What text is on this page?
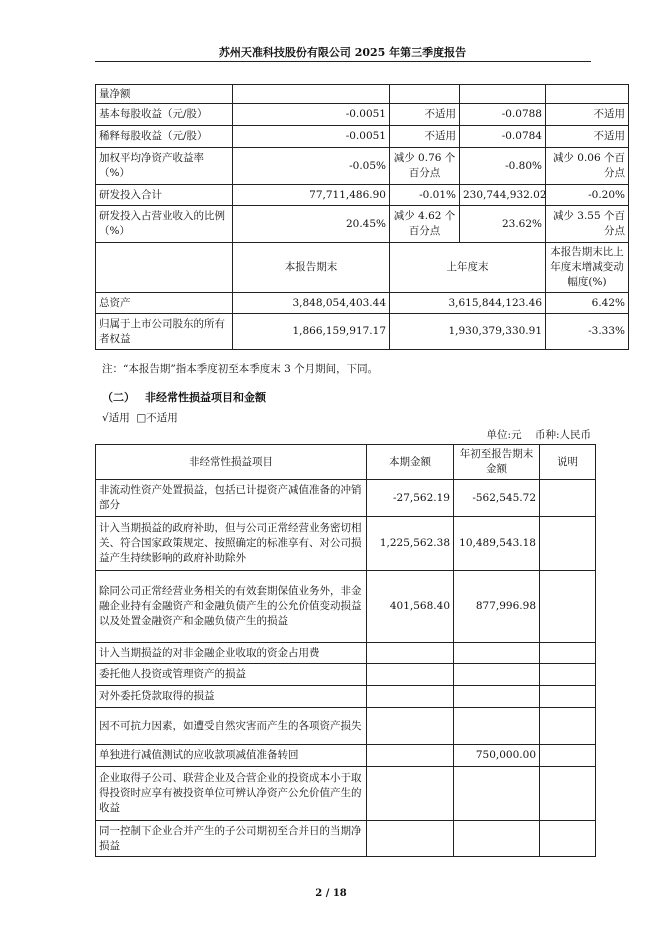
苏州天准科技股份有限公司 2025 年第三季度报告
量净额				
基本每股收益（元/股）	-0.0051	不适用	-0.0788	不适用
稀释每股收益（元/股）	-0.0051	不适用	-0.0784	不适用
加权平均净资产收益率（%）	-0.05%	减少 0.76 个百分点	-0.80%	减少 0.06 个百分点
研发投入合计	77,711,486.90	-0.01%	230,744,932.02	-0.20%
研发投入占营业收入的比例（%）	20.45%	减少 4.62 个百分点	23.62%	减少 3.55 个百分点
	本报告期末	上年度末		本报告期末比上年度末增减变动幅度(%)
总资产	3,848,054,403.44	3,615,844,123.46		6.42%
归属于上市公司股东的所有者权益	1,866,159,917.17	1,930,379,330.91		-3.33%
注：“本报告期”指本季度初至本季度末 3 个月期间，下同。
（二） 非经常性损益项目和金额
√适用 □不适用
单位:元 币种:人民币
非经常性损益项目	本期金额	年初至报告期末金额	说明
非流动性资产处置损益，包括已计提资产减值准备的冲销部分	-27,562.19	-562,545.72	
计入当期损益的政府补助，但与公司正常经营业务密切相关、符合国家政策规定、按照确定的标准享有、对公司损益产生持续影响的政府补助除外	1,225,562.38	10,489,543.18	
除同公司正常经营业务相关的有效套期保值业务外，非金融企业持有金融资产和金融负债产生的公允价值变动损益以及处置金融资产和金融负债产生的损益	401,568.40	877,996.98	
计入当期损益的对非金融企业收取的资金占用费			
委托他人投资或管理资产的损益			
对外委托贷款取得的损益			
因不可抗力因素，如遭受自然灾害而产生的各项资产损失			
单独进行减值测试的应收款项减值准备转回		750,000.00	
企业取得子公司、联营企业及合营企业的投资成本小于取得投资时应享有被投资单位可辨认净资产公允价值产生的收益			
同一控制下企业合并产生的子公司期初至合并日的当期净损益			
2 / 18
